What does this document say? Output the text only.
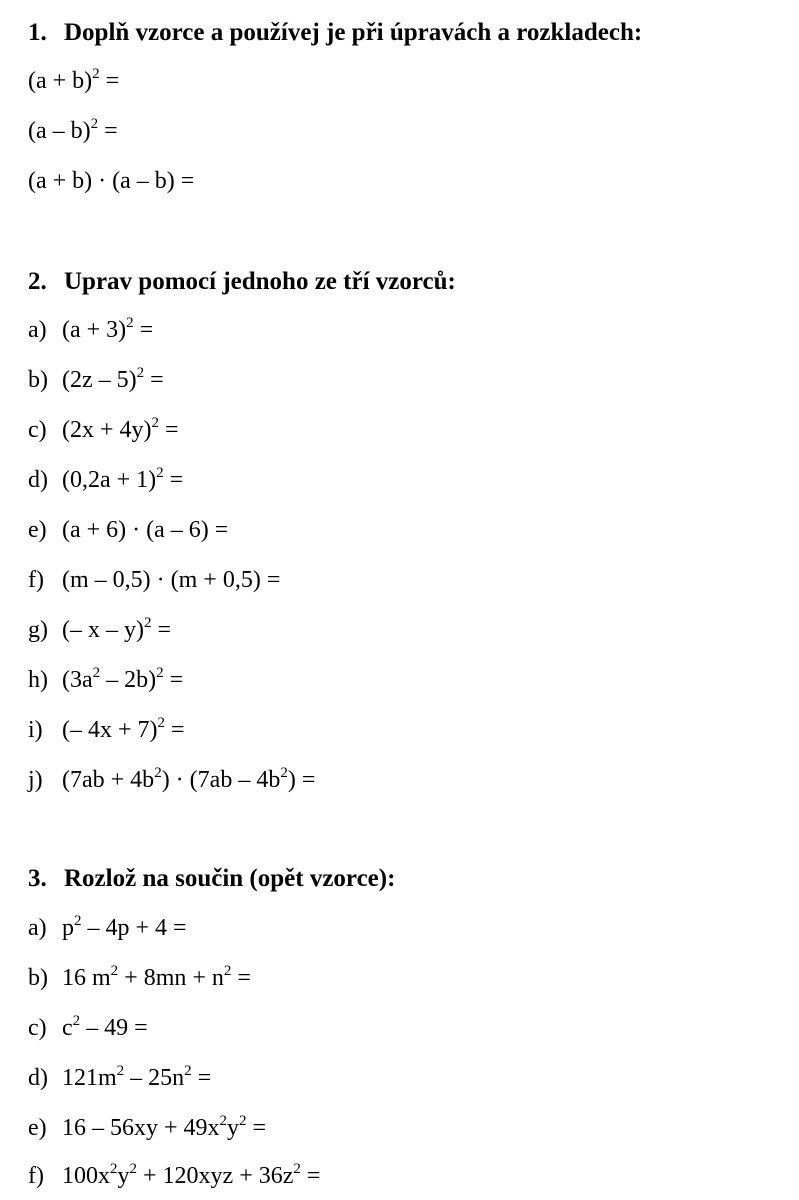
1. Doplň vzorce a používej je při úpravách a rozkladech:
$(a + b)^2$ =
(a – b)$^2$ =
(a + b) · (a – b) =
2. Uprav pomocí jednoho ze tří vzorců:
a) $(a + 3)^2$ =
b) (2z – 5)$^2$ =
c) $(2x + 4y)^2$ =
d) $(0,2a + 1)^2$ =
e) (a + 6) · (a – 6) =
f) (m – 0,5) · (m + 0,5) =
g) (– x – y)$^2$ =
h) $(3a^2 - 2b)^2$ =
i) (– 4x + 7)$^2$ =
j) $(7ab + 4b^2) \cdot (7ab - 4b^2)$ =
3. Rozlož na součin (opět vzorce):
a) $p^2 - 4p + 4$ =
b) 16 $m^2 + 8mn + n^2$ =
c) $c^2 - 49$ =
d) $121m^2 - 25n^2$ =
e) $16 - 56xy + 49x^2y^2$ =
f) $100x^2y^2 + 120xyz + 36z^2$ =
